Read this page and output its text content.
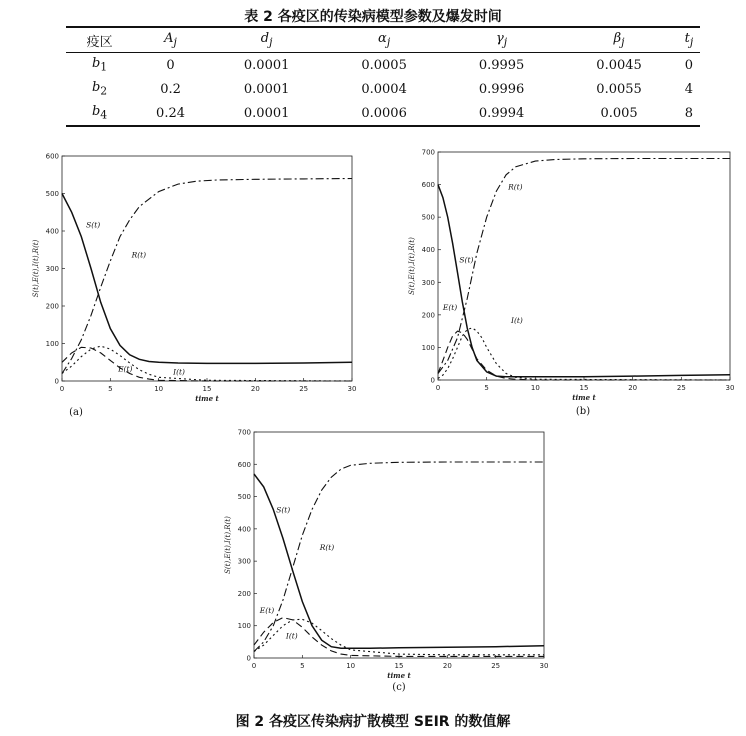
表 2 各疫区的传染病模型参数及爆发时间
疫区	$A_j$	$d_j$	$\alpha_j$	$\gamma_j$	$\beta_j$	$t_j$
$b_1$	0	0.0001	0.0005	0.9995	0.0045	0
$b_2$	0.2	0.0001	0.0004	0.9996	0.0055	4
$b_4$	0.24	0.0001	0.0006	0.9994	0.005	8
0	5	10	15	20	25	30
0
100
200
300
400
500
600
time t
S(t),E(t),I(t),R(t)
S(t)
E(t)	I(t)
R(t)
(a)
0	5	10	15	20	25	30
0
100
200
300
400
500
600
700
time t
S(t),E(t),I(t),R(t)	S(t)
E(t)
I(t)
R(t)
(b)
0	5	10	15	20	25	30
0
100
200
300
400
500
600
700
time t
S(t),E(t),I(t),R(t)
S(t)
E(t)
I(t)
R(t)
(c)
图 2 各疫区传染病扩散模型 SEIR 的数值解
